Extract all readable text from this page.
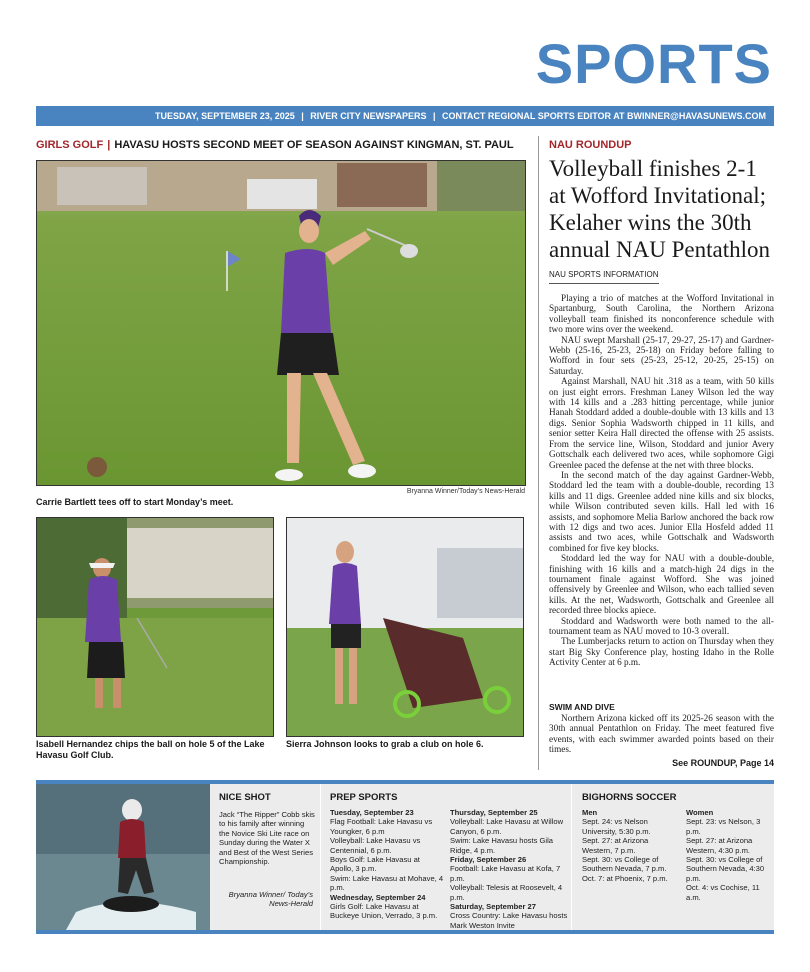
SPORTS
TUESDAY, SEPTEMBER 23, 2025 | RIVER CITY NEWSPAPERS | CONTACT REGIONAL SPORTS EDITOR AT BWINNER@HAVASUNEWS.COM
GIRLS GOLF | HAVASU HOSTS SECOND MEET OF SEASON AGAINST KINGMAN, ST. PAUL
Carrie Bartlett tees off to start Monday’s meet.
Bryanna Winner/Today’s News-Herald
Isabell Hernandez chips the ball on hole 5 of the Lake Havasu Golf Club.
Sierra Johnson looks to grab a club on hole 6.
NAU ROUNDUP
Volleyball finishes 2-1 at Wofford Invitational; Kelaher wins the 30th annual NAU Pentathlon
NAU SPORTS INFORMATION

Playing a trio of matches at the Wofford Invitational in Spartanburg, South Carolina, the Northern Arizona volleyball team finished its nonconference schedule with two more wins over the weekend.

NAU swept Marshall (25-17, 29-27, 25-17) and Gardner-Webb (25-16, 25-23, 25-18) on Friday before falling to Wofford in four sets (25-23, 25-12, 20-25, 25-15) on Saturday.

Against Marshall, NAU hit .318 as a team, with 50 kills on just eight errors. Freshman Laney Wilson led the way with 14 kills and a .283 hitting percentage, while junior Hanah Stoddard added a double-double with 13 kills and 13 digs. Senior Sophia Wadsworth chipped in 11 kills, and senior setter Keira Hall directed the offense with 25 assists. From the service line, Wilson, Stoddard and junior Avery Gottschalk each delivered two aces, while sophomore Gigi Greenlee paced the defense at the net with three blocks.

In the second match of the day against Gardner-Webb, Stoddard led the team with a double-double, recording 13 kills and 11 digs. Greenlee added nine kills and six blocks, while Wilson contributed seven kills. Hall led with 16 assists, and sophomore Melia Barlow anchored the back row with 12 digs and two aces. Junior Ella Hosfeld added 11 assists and two aces, while Gottschalk and Wadsworth combined for five key blocks.

Stoddard led the way for NAU with a double-double, finishing with 16 kills and a match-high 24 digs in the tournament finale against Wofford. She was joined offensively by Greenlee and Wilson, who each tallied seven kills. At the net, Wadsworth, Gottschalk and Greenlee all recorded three blocks apiece.

Stoddard and Wadsworth were both named to the all-tournament team as NAU moved to 10-3 overall.

The Lumberjacks return to action on Thursday when they start Big Sky Conference play, hosting Idaho in the Rolle Activity Center at 6 p.m.

SWIM AND DIVE

Northern Arizona kicked off its 2025-26 season with the 30th annual Pentathlon on Friday. The meet featured five events, with each swimmer awarded points based on their times.

See ROUNDUP, Page 14
NICE SHOT
Jack “The Ripper” Cobb skis to his family after winning the Novice Ski Lite race on Sunday during the Water X and Best of the West Series Championship.
Bryanna Winner/ Today’s News-Herald
PREP SPORTS
Tuesday, September 23
Flag Football: Lake Havasu vs Youngker, 6 p.m
Volleyball: Lake Havasu vs Centennial, 6 p.m.
Boys Golf: Lake Havasu at Apollo, 3 p.m.
Swim: Lake Havasu at Mohave, 4 p.m.
Wednesday, September 24
Girls Golf: Lake Havasu at Buckeye Union, Verrado, 3 p.m.
Thursday, September 25
Volleyball: Lake Havasu at Willow Canyon, 6 p.m.
Swim: Lake Havasu hosts Gila Ridge, 4 p.m.
Friday, September 26
Football: Lake Havasu at Kofa, 7 p.m.
Volleyball: Telesis at Roosevelt, 4 p.m.
Saturday, September 27
Cross Country: Lake Havasu hosts Mark Weston Invite
BIGHORNS SOCCER
Men
Sept. 24: vs Nelson University, 5:30 p.m.
Sept. 27: at Arizona Western, 7 p.m.
Sept. 30: vs College of Southern Nevada, 7 p.m.
Oct. 7: at Phoenix, 7 p.m.
Women
Sept. 23: vs Nelson, 3 p.m.
Sept. 27: at Arizona Western, 4:30 p.m.
Sept. 30: vs College of Southern Nevada, 4:30 p.m.
Oct. 4: vs Cochise, 11 a.m.
